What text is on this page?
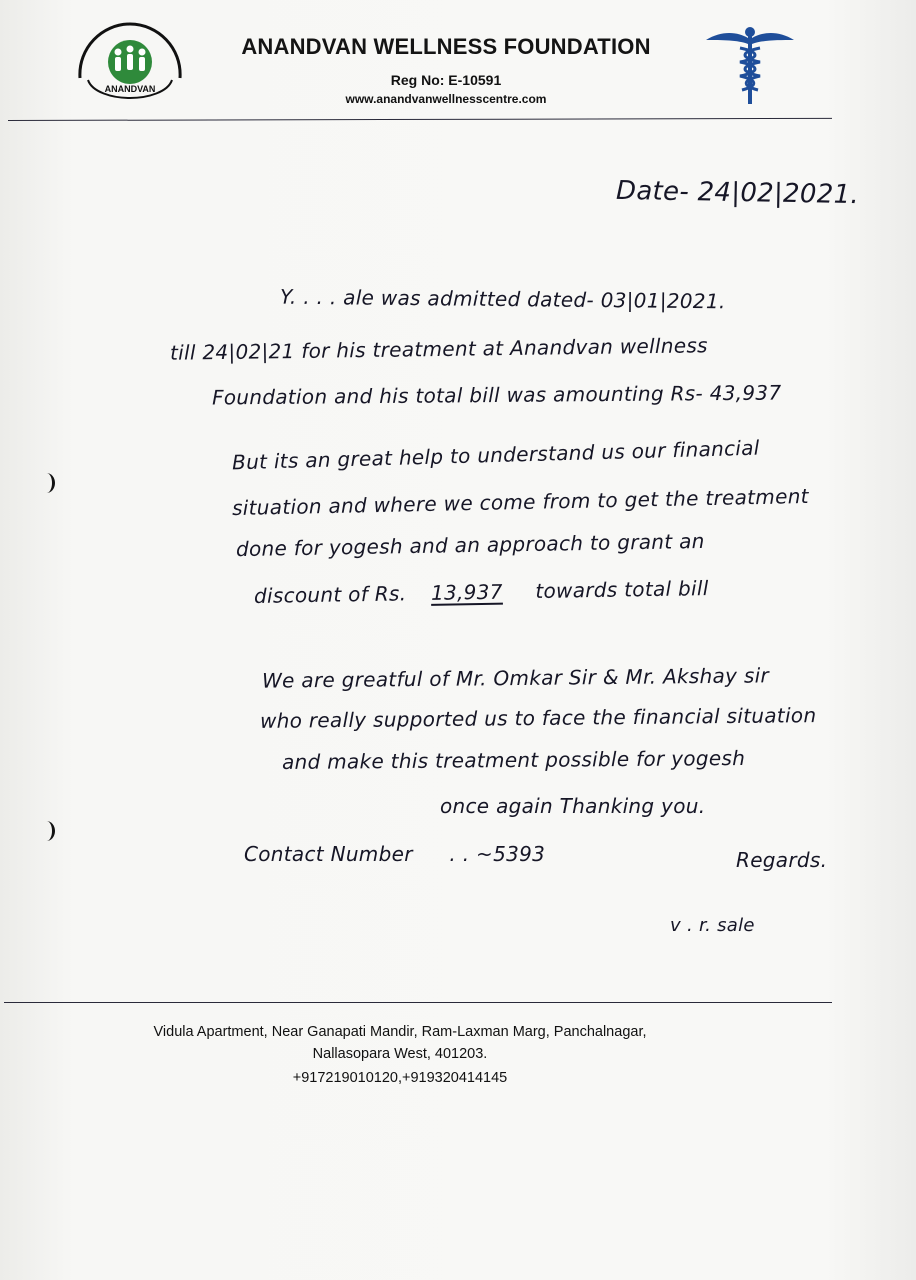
ANANDVAN
ANANDVAN WELLNESS FOUNDATION
Reg No: E-10591
www.anandvanwellnesscentre.com
Date- 24|02|2021.
Y. . . . ale was admitted dated- 03|01|2021.
till 24|02|21 for his treatment at Anandvan wellness
Foundation and his total bill was amounting Rs- 43,937
But its an great help to understand us our financial
situation and where we come from to get the treatment
done for yogesh and an approach to grant an
discount of Rs. 13,937 towards total bill
We are greatful of Mr. Omkar Sir & Mr. Akshay sir
who really supported us to face the financial situation
and make this treatment possible for yogesh
once again Thanking you.
Contact Number . . ~5393	Regards.
v . r. sale
Vidula Apartment, Near Ganapati Mandir, Ram-Laxman Marg, Panchalnagar,
Nallasopara West, 401203.
+917219010120,+919320414145
